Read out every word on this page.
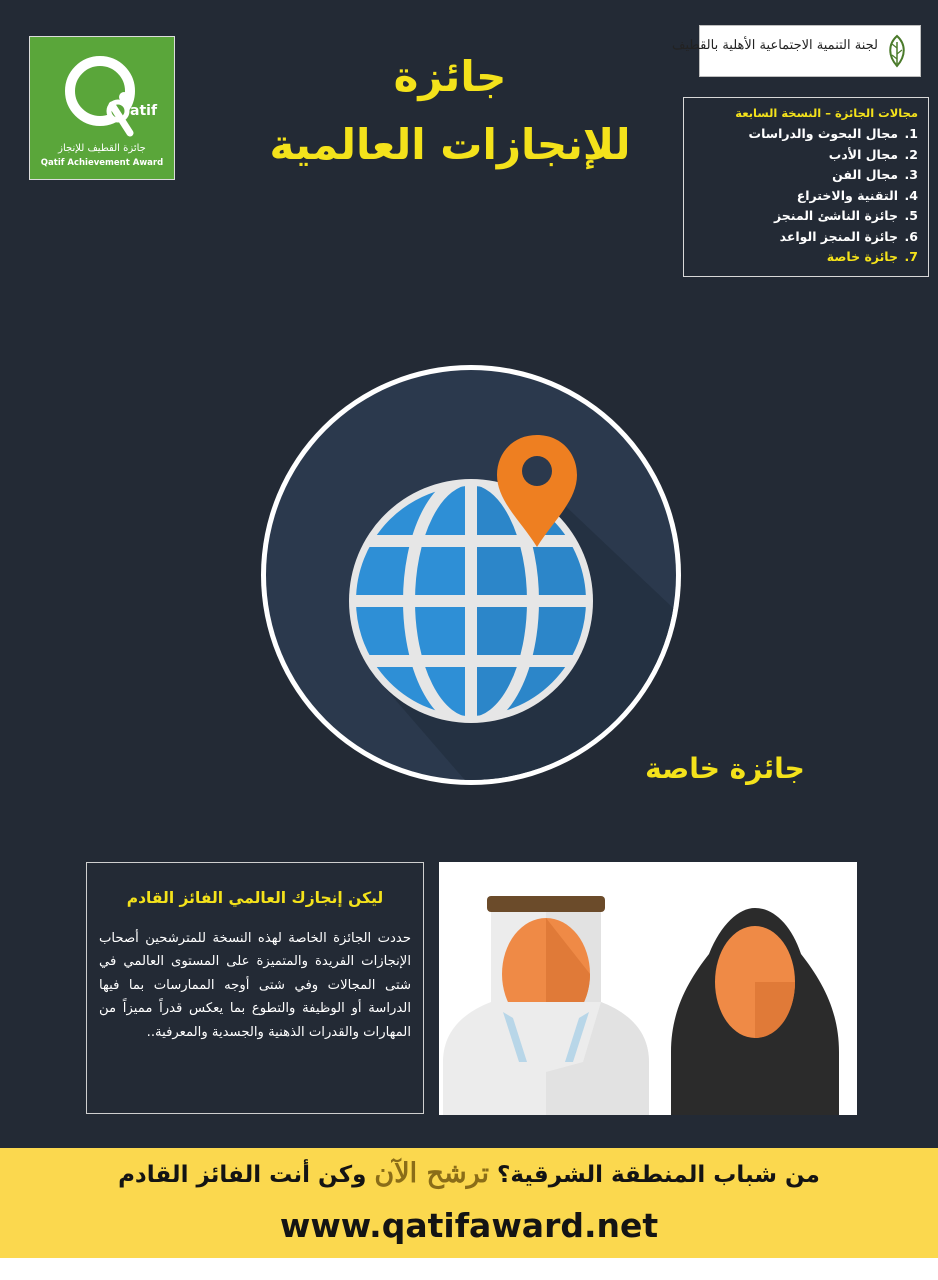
atif
جائزة القطيف للإنجاز
Qatif Achievement Award
لجنة التنمية الاجتماعية الأهلية بالقطيف
جائزة
للإنجازات العالمية
مجالات الجائزة – النسخة السابعة
1.مجال البحوث والدراسات
2.مجال الأدب
3.مجال الفن
4.التقنية والاختراع
5.جائزة الناشئ المنجز
6.جائزة المنجز الواعد
7.جائزة خاصة
جائزة خاصة
ليكن إنجازك العالمي الفائز القادم
حددت الجائزة الخاصة لهذه النسخة للمترشحين أصحاب الإنجازات الفريدة والمتميزة على المستوى العالمي في شتى المجالات وفي شتى أوجه الممارسات بما فيها الدراسة أو الوظيفة والتطوع بما يعكس قدراً مميزاً من المهارات والقدرات الذهنية والجسدية والمعرفية..
من شباب المنطقة الشرقية؟ ترشح الآن وكن أنت الفائز القادم
www.qatifaward.net
